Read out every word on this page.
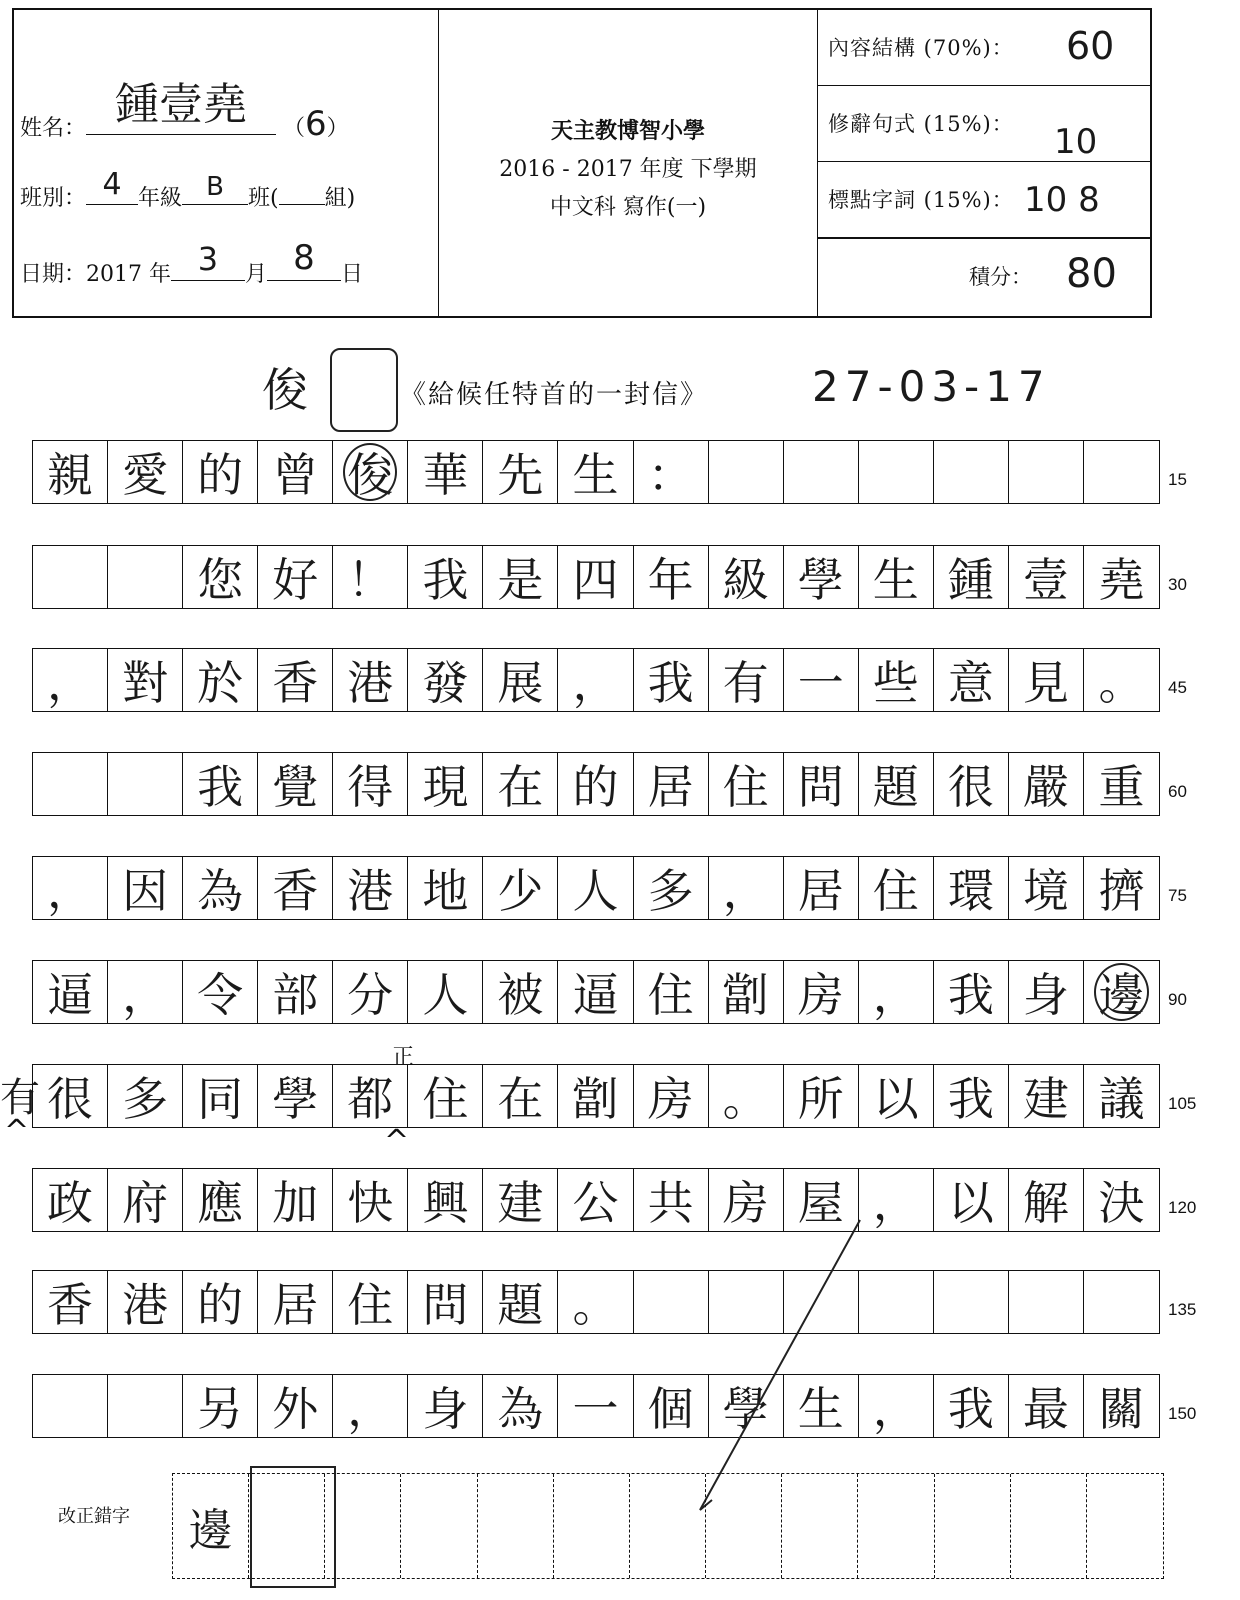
姓名： 鍾壹堯	（6）
班別： 4 年級 B	班( 組)
日期：2017 年 3	月 8	日
天主教博智小學
2016 - 2017 年度 下學期
中文科 寫作(一)
內容結構 (70%)： 60
修辭句式 (15%)： 10
標點字詞 (15%)： 10 8
積分： 80
俊	《給候任特首的一封信》 27-03-17
親 愛 的 曾 俊 華 先 生 ：	15
您 好 ！ 我 是 四 年 級 學 生 鍾 壹 堯	30
， 對 於 香 港 發 展 ， 我 有 一 些 意 見 。	45
我 覺 得 現 在 的 居 住 問 題 很 嚴 重	60
， 因 為 香 港 地 少 人 多 ， 居 住 環 境 擠	75
逼 ， 令 部 分 人 被 逼 住 劏 房 ， 我 身 邊	90
有
^
正
^
很 多 同 學 都 住 在 劏 房 。 所 以 我 建 議	105
政 府 應 加 快 興 建 公 共 房 屋 ， 以 解 決	120
香 港 的 居 住 問 題 。	135
另 外 ， 身 為 一 個 學 生 ， 我 最 關	150
改正錯字	邊
